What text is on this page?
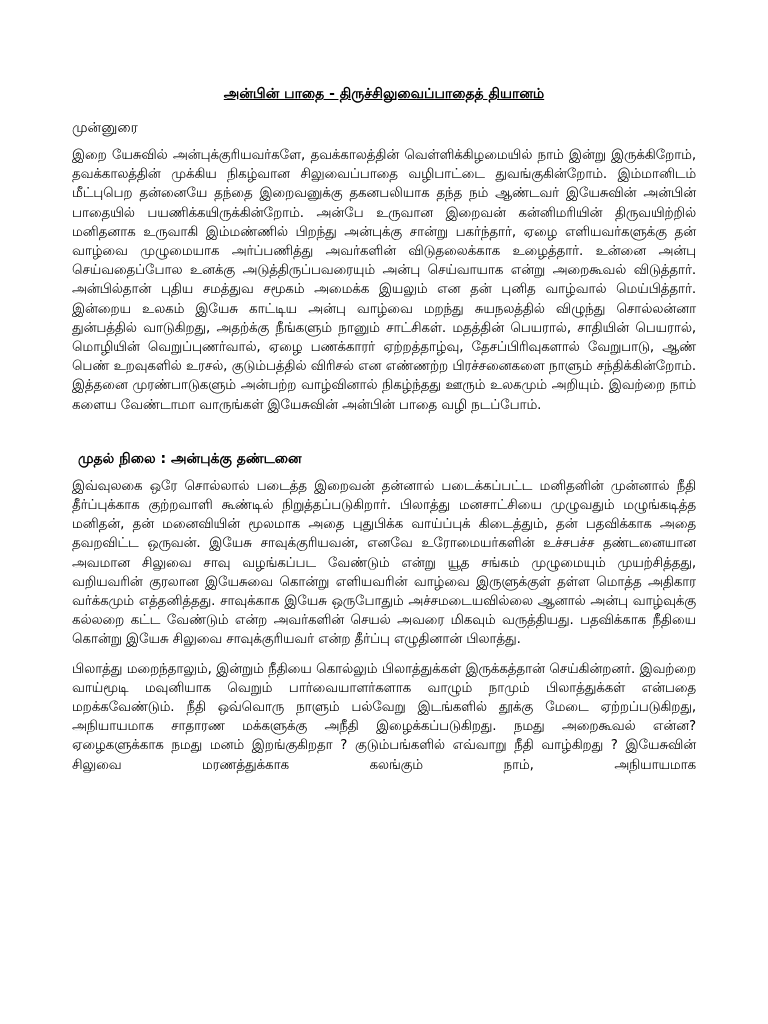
அன்பின் பாதை - திருச்சிலுவைப்பாதைத் தியானம்
முன்னுரை

இறை யேசுவில் அன்புக்குரியவர்களே, தவக்காலத்தின் வெள்ளிக்கிழமையில் நாம் இன்று இருக்கிறோம், தவக்காலத்தின் முக்கிய நிகழ்வான சிலுவைப்பாதை வழிபாட்டை துவங்குகின்றோம். இம்மானிடம் மீட்புபெற தன்னையே தந்தை இறைவனுக்கு தகனபலியாக தந்த நம் ஆண்டவர் இயேசுவின் அன்பின் பாதையில் பயணிக்கயிருக்கின்றோம். அன்பே உருவான இறைவன் கன்னிமரியின் திருவயிற்றில் மனிதனாக உருவாகி இம்மண்ணில் பிறந்து அன்புக்கு சான்று பகர்ந்தார், ஏழை எளியவர்களுக்கு தன் வாழ்வை முழுமையாக அர்ப்பணித்து அவர்களின் விடுதலைக்காக உழைத்தார். உன்னை அன்பு செய்வதைப்போல உனக்கு அடுத்திருப்பவரையும் அன்பு செய்வாயாக என்று அறைகூவல் விடுத்தார். அன்பில்தான் புதிய சமத்துவ சமூகம் அமைக்க இயலும் என தன் புனித வாழ்வால் மெய்பித்தார். இன்றைய உலகம் இயேசு காட்டிய அன்பு வாழ்வை மறந்து சுயநலத்தில் விழுந்து சொல்லன்னா துன்பத்தில் வாடுகிறது, அதற்க்கு நீங்களும் நானும் சாட்சிகள். மதத்தின் பெயரால், சாதியின் பெயரால், மொழியின் வெறுப்புணர்வால், ஏழை பணக்காரர் ஏற்றத்தாழ்வு, தேசப்பிரிவுகளால் வேறுபாடு, ஆண் பெண் உறவுகளில் உரசல், குடும்பத்தில் விரிசல் என எண்ணற்ற பிரச்சனைகளை நாளும் சந்திக்கின்றோம். இத்தனை முரண்பாடுகளும் அன்பற்ற வாழ்வினால் நிகழ்ந்தது ஊரும் உலகமும் அறியும். இவற்றை நாம் களைய வேண்டாமா வாருங்கள் இயேசுவின் அன்பின் பாதை வழி நடப்போம்.

முதல் நிலை : அன்புக்கு தண்டனை

இவ்வுலகை ஒரே சொல்லால் படைத்த இறைவன் தன்னால் படைக்கப்பட்ட மனிதனின் முன்னால் நீதி தீர்ப்புக்காக குற்றவாளி கூண்டில் நிறுத்தப்படுகிறார். பிலாத்து மனசாட்சியை முழுவதும் மழுங்கடித்த மனிதன், தன் மனைவியின் மூலமாக அதை புதுபிக்க வாய்ப்புக் கிடைத்தும், தன் பதவிக்காக அதை தவறவிட்ட ஒருவன். இயேசு சாவுக்குரியவன், எனவே உரோமையர்களின் உச்சபச்ச தண்டனையான அவமான சிலுவை சாவு வழங்கப்பட வேண்டும் என்று யூத சங்கம் முழுமையும் முயற்சித்தது, வறியவரின் குரலான இயேசுவை கொன்று எளியவரின் வாழ்வை இருளுக்குள் தள்ள மொத்த அதிகார வர்க்கமும் எத்தனித்தது. சாவுக்காக இயேசு ஒருபோதும் அச்சமடையவில்லை ஆனால் அன்பு வாழ்வுக்கு கல்லறை கட்ட வேண்டும் என்ற அவர்களின் செயல் அவரை மிகவும் வருத்தியது. பதவிக்காக நீதியை கொன்று இயேசு சிலுவை சாவுக்குரியவர் என்ற தீர்ப்பு எழுதினான் பிலாத்து.

பிலாத்து மறைந்தாலும், இன்றும் நீதியை கொல்லும் பிலாத்துக்கள் இருக்கத்தான் செய்கின்றனர். இவற்றை வாய்மூடி மவுனியாக வெறும் பார்வையாளர்களாக வாழும் நாமும் பிலாத்துக்கள் என்பதை மறக்கவேண்டும். நீதி ஒவ்வொரு நாளும் பல்வேறு இடங்களில் தூக்கு மேடை ஏற்றப்படுகிறது, அநியாயமாக சாதாரண மக்களுக்கு அநீதி இழைக்கப்படுகிறது. நமது அறைகூவல் என்ன? ஏழைகளுக்காக நமது மனம் இறங்குகிறதா ? குடும்பங்களில் எவ்வாறு நீதி வாழ்கிறது ? இயேசுவின் சிலுவை மரணத்துக்காக கலங்கும் நாம், அநியாயமாக
